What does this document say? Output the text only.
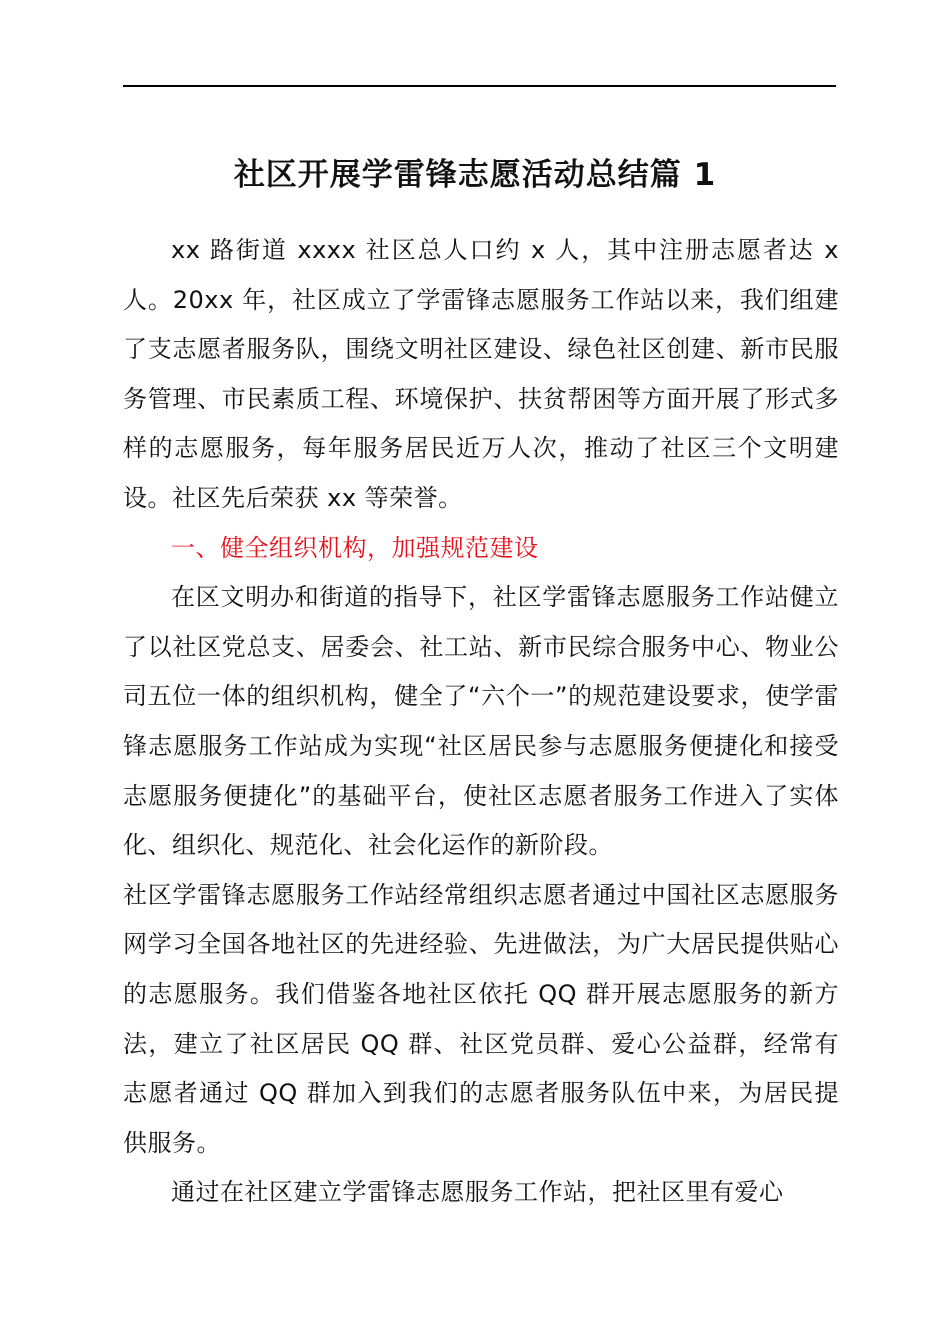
社区开展学雷锋志愿活动总结篇 1

xx 路街道 xxxx 社区总人口约 x 人，其中注册志愿者达 x 人。20xx 年，社区成立了学雷锋志愿服务工作站以来，我们组建了支志愿者服务队，围绕文明社区建设、绿色社区创建、新市民服务管理、市民素质工程、环境保护、扶贫帮困等方面开展了形式多样的志愿服务，每年服务居民近万人次，推动了社区三个文明建设。社区先后荣获 xx 等荣誉。

一、健全组织机构，加强规范建设

在区文明办和街道的指导下，社区学雷锋志愿服务工作站健立了以社区党总支、居委会、社工站、新市民综合服务中心、物业公司五位一体的组织机构，健全了“六个一”的规范建设要求，使学雷锋志愿服务工作站成为实现“社区居民参与志愿服务便捷化和接受志愿服务便捷化”的基础平台，使社区志愿者服务工作进入了实体化、组织化、规范化、社会化运作的新阶段。

社区学雷锋志愿服务工作站经常组织志愿者通过中国社区志愿服务网学习全国各地社区的先进经验、先进做法，为广大居民提供贴心的志愿服务。我们借鉴各地社区依托 QQ 群开展志愿服务的新方法，建立了社区居民 QQ 群、社区党员群、爱心公益群，经常有志愿者通过 QQ 群加入到我们的志愿者服务队伍中来，为居民提供服务。

通过在社区建立学雷锋志愿服务工作站，把社区里有爱心
